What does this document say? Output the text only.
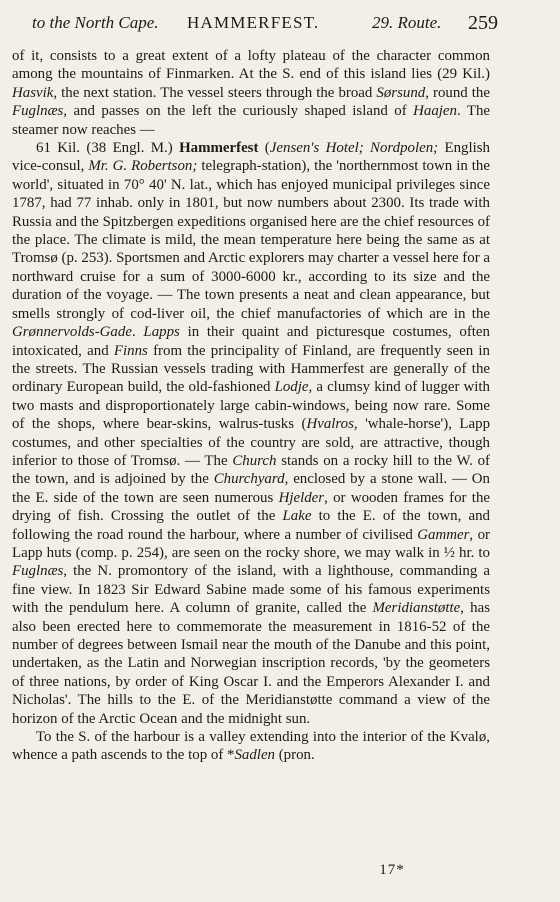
to the North Cape. HAMMERFEST.	29. Route. 259

of it, consists to a great extent of a lofty plateau of the character common among the mountains of Finmarken. At the S. end of this island lies (29 Kil.) Hasvik, the next station. The vessel steers through the broad Sørsund, round the Fuglnæs, and passes on the left the curiously shaped island of Haajen. The steamer now reaches —

61 Kil. (38 Engl. M.) Hammerfest (Jensen's Hotel; Nordpolen; English vice-consul, Mr. G. Robertson; telegraph-station), the 'northernmost town in the world', situated in 70° 40' N. lat., which has enjoyed municipal privileges since 1787, had 77 inhab. only in 1801, but now numbers about 2300. Its trade with Russia and the Spitzbergen expeditions organised here are the chief resources of the place. The climate is mild, the mean temperature here being the same as at Tromsø (p. 253). Sportsmen and Arctic explorers may charter a vessel here for a northward cruise for a sum of 3000-6000 kr., according to its size and the duration of the voyage. — The town presents a neat and clean appearance, but smells strongly of cod-liver oil, the chief manufactories of which are in the Grønnervolds-Gade. Lapps in their quaint and picturesque costumes, often intoxicated, and Finns from the principality of Finland, are frequently seen in the streets. The Russian vessels trading with Hammerfest are generally of the ordinary European build, the old-fashioned Lodje, a clumsy kind of lugger with two masts and disproportionately large cabin-windows, being now rare. Some of the shops, where bear-skins, walrus-tusks (Hvalros, 'whale-horse'), Lapp costumes, and other specialties of the country are sold, are attractive, though inferior to those of Tromsø. — The Church stands on a rocky hill to the W. of the town, and is adjoined by the Churchyard, enclosed by a stone wall. — On the E. side of the town are seen numerous Hjelder, or wooden frames for the drying of fish. Crossing the outlet of the Lake to the E. of the town, and following the road round the harbour, where a number of civilised Gammer, or Lapp huts (comp. p. 254), are seen on the rocky shore, we may walk in ½ hr. to Fuglnæs, the N. promontory of the island, with a lighthouse, commanding a fine view. In 1823 Sir Edward Sabine made some of his famous experiments with the pendulum here. A column of granite, called the Meridianstøtte, has also been erected here to commemorate the measurement in 1816-52 of the number of degrees between Ismail near the mouth of the Danube and this point, undertaken, as the Latin and Norwegian inscription records, 'by the geometers of three nations, by order of King Oscar I. and the Emperors Alexander I. and Nicholas'. The hills to the E. of the Meridianstøtte command a view of the horizon of the Arctic Ocean and the midnight sun.

To the S. of the harbour is a valley extending into the interior of the Kvalø, whence a path ascends to the top of *Sadlen (pron.

17*
